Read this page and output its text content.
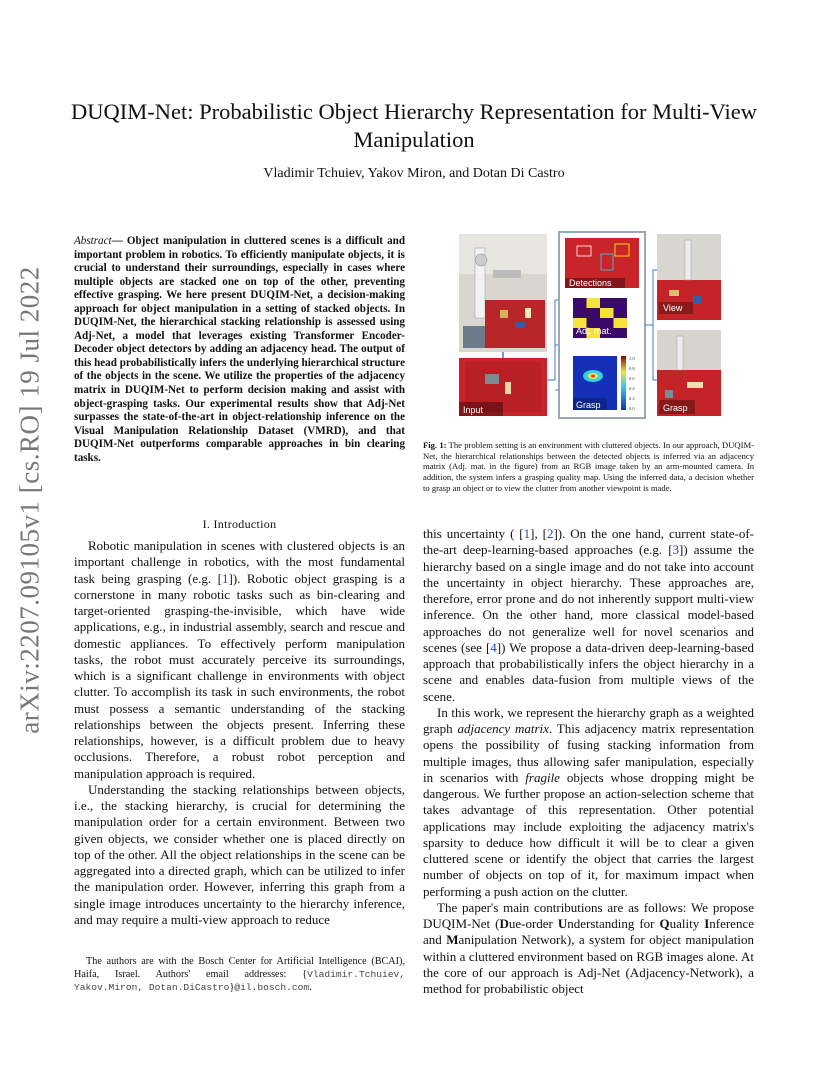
arXiv:2207.09105v1 [cs.RO] 19 Jul 2022
DUQIM-Net: Probabilistic Object Hierarchy Representation for Multi-View Manipulation
Vladimir Tchuiev, Yakov Miron, and Dotan Di Castro
Abstract— Object manipulation in cluttered scenes is a difficult and important problem in robotics. To efficiently manipulate objects, it is crucial to understand their surroundings, especially in cases where multiple objects are stacked one on top of the other, preventing effective grasping. We here present DUQIM-Net, a decision-making approach for object manipulation in a setting of stacked objects. In DUQIM-Net, the hierarchical stacking relationship is assessed using Adj-Net, a model that leverages existing Transformer Encoder-Decoder object detectors by adding an adjacency head. The output of this head probabilistically infers the underlying hierarchical structure of the objects in the scene. We utilize the properties of the adjacency matrix in DUQIM-Net to perform decision making and assist with object-grasping tasks. Our experimental results show that Adj-Net surpasses the state-of-the-art in object-relationship inference on the Visual Manipulation Relationship Dataset (VMRD), and that DUQIM-Net outperforms comparable approaches in bin clearing tasks.
I. Introduction

Robotic manipulation in scenes with clustered objects is an important challenge in robotics, with the most fundamental task being grasping (e.g. [1]). Robotic object grasping is a cornerstone in many robotic tasks such as bin-clearing and target-oriented grasping-the-invisible, which have wide applications, e.g., in industrial assembly, search and rescue and domestic appliances. To effectively perform manipulation tasks, the robot must accurately perceive its surroundings, which is a significant challenge in environments with object clutter. To accomplish its task in such environments, the robot must possess a semantic understanding of the stacking relationships between the objects present. Inferring these relationships, however, is a difficult problem due to heavy occlusions. Therefore, a robust robot perception and manipulation approach is required.

Understanding the stacking relationships between objects, i.e., the stacking hierarchy, is crucial for determining the manipulation order for a certain environment. Between two given objects, we consider whether one is placed directly on top of the other. All the object relationships in the scene can be aggregated into a directed graph, which can be utilized to infer the manipulation order. However, inferring this graph from a single image introduces uncertainty to the hierarchy inference, and may require a multi-view approach to reduce

The authors are with the Bosch Center for Artificial Intelligence (BCAI), Haifa, Israel. Authors' email addresses: {Vladimir.Tchuiev, Yakov.Miron, Dotan.DiCastro}@il.bosch.com.

Input
Detections
Adj. mat.
Grasp
1.0
0.8
0.6
0.4
0.2
0.0
View
Grasp
Fig. 1: The problem setting is an environment with cluttered objects. In our approach, DUQIM-Net, the hierarchical relationships between the detected objects is inferred via an adjacency matrix (Adj. mat. in the figure) from an RGB image taken by an arm-mounted camera. In addition, the system infers a grasping quality map. Using the inferred data, a decision whether to grasp an object or to view the clutter from another viewpoint is made.

this uncertainty ( [1], [2]). On the one hand, current state-of-the-art deep-learning-based approaches (e.g. [3]) assume the hierarchy based on a single image and do not take into account the uncertainty in object hierarchy. These approaches are, therefore, error prone and do not inherently support multi-view inference. On the other hand, more classical model-based approaches do not generalize well for novel scenarios and scenes (see [4]) We propose a data-driven deep-learning-based approach that probabilistically infers the object hierarchy in a scene and enables data-fusion from multiple views of the scene.

In this work, we represent the hierarchy graph as a weighted graph adjacency matrix. This adjacency matrix representation opens the possibility of fusing stacking information from multiple images, thus allowing safer manipulation, especially in scenarios with fragile objects whose dropping might be dangerous. We further propose an action-selection scheme that takes advantage of this representation. Other potential applications may include exploiting the adjacency matrix's sparsity to deduce how difficult it will be to clear a given cluttered scene or identify the object that carries the largest number of objects on top of it, for maximum impact when performing a push action on the clutter.

The paper's main contributions are as follows: We propose DUQIM-Net (Due-order Understanding for Quality Inference and Manipulation Network), a system for object manipulation within a cluttered environment based on RGB images alone. At the core of our approach is Adj-Net (Adjacency-Network), a method for probabilistic object
